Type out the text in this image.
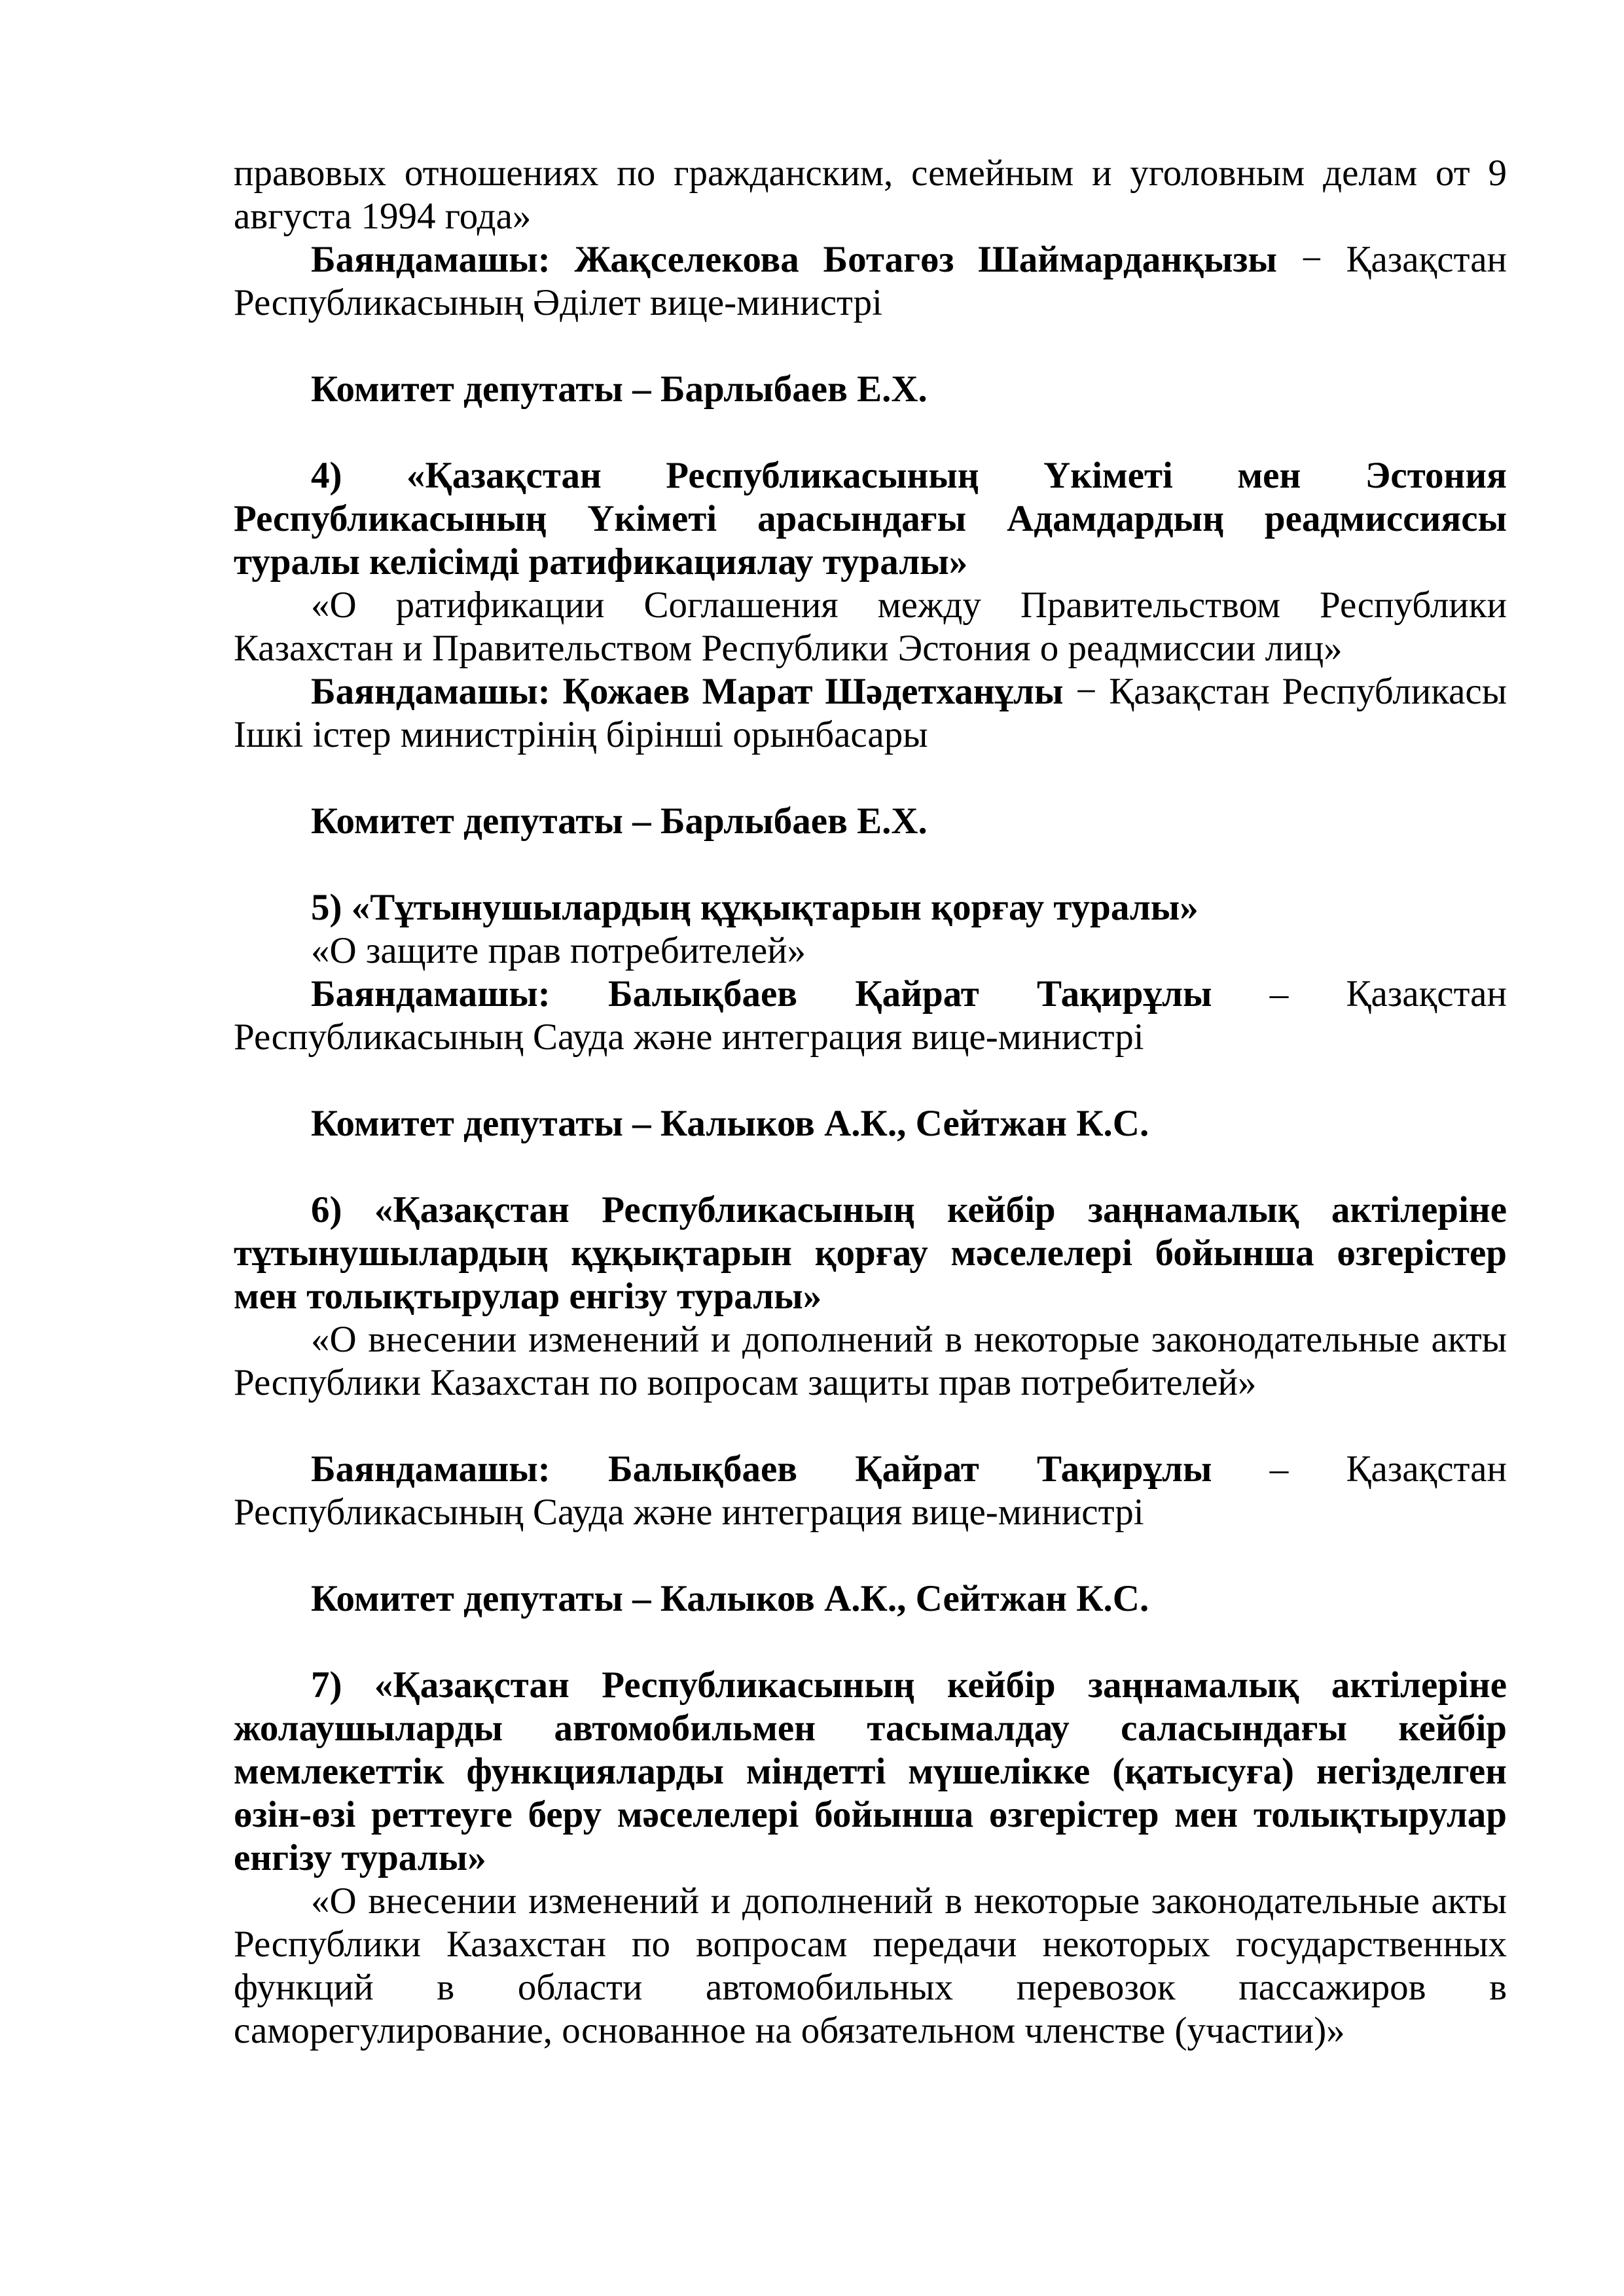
правовых отношениях по гражданским, семейным и уголовным делам от 9 августа 1994 года»

Баяндамашы: Жақселекова Ботагөз Шаймарданқызы − Қазақстан Республикасының Әділет вице-министрі

Комитет депутаты – Барлыбаев Е.Х.

4) «Қазақстан Республикасының Үкіметі мен Эстония Республикасының Үкіметі арасындағы Адамдардың реадмиссиясы туралы келісімді ратификациялау туралы»

«О ратификации Соглашения между Правительством Республики Казахстан и Правительством Республики Эстония о реадмиссии лиц»

Баяндамашы: Қожаев Марат Шәдетханұлы − Қазақстан Республикасы Ішкі істер министрінің бірінші орынбасары

Комитет депутаты – Барлыбаев Е.Х.

5) «Тұтынушылардың құқықтарын қорғау туралы»

«О защите прав потребителей»

Баяндамашы: Балықбаев Қайрат Тақирұлы – Қазақстан Республикасының Сауда және интеграция вице-министрі

Комитет депутаты – Калыков А.К., Сейтжан К.С.

6) «Қазақстан Республикасының кейбір заңнамалық актілеріне тұтынушылардың құқықтарын қорғау мәселелері бойынша өзгерістер мен толықтырулар енгізу туралы»

«О внесении изменений и дополнений в некоторые законодательные акты Республики Казахстан по вопросам защиты прав потребителей»

Баяндамашы: Балықбаев Қайрат Тақирұлы – Қазақстан Республикасының Сауда және интеграция вице-министрі

Комитет депутаты – Калыков А.К., Сейтжан К.С.

7) «Қазақстан Республикасының кейбір заңнамалық актілеріне жолаушыларды автомобильмен тасымалдау саласындағы кейбір мемлекеттік функцияларды міндетті мүшелікке (қатысуға) негізделген өзін-өзі реттеуге беру мәселелері бойынша өзгерістер мен толықтырулар енгізу туралы»

«О внесении изменений и дополнений в некоторые законодательные акты Республики Казахстан по вопросам передачи некоторых государственных функций в области автомобильных перевозок пассажиров в саморегулирование, основанное на обязательном членстве (участии)»
